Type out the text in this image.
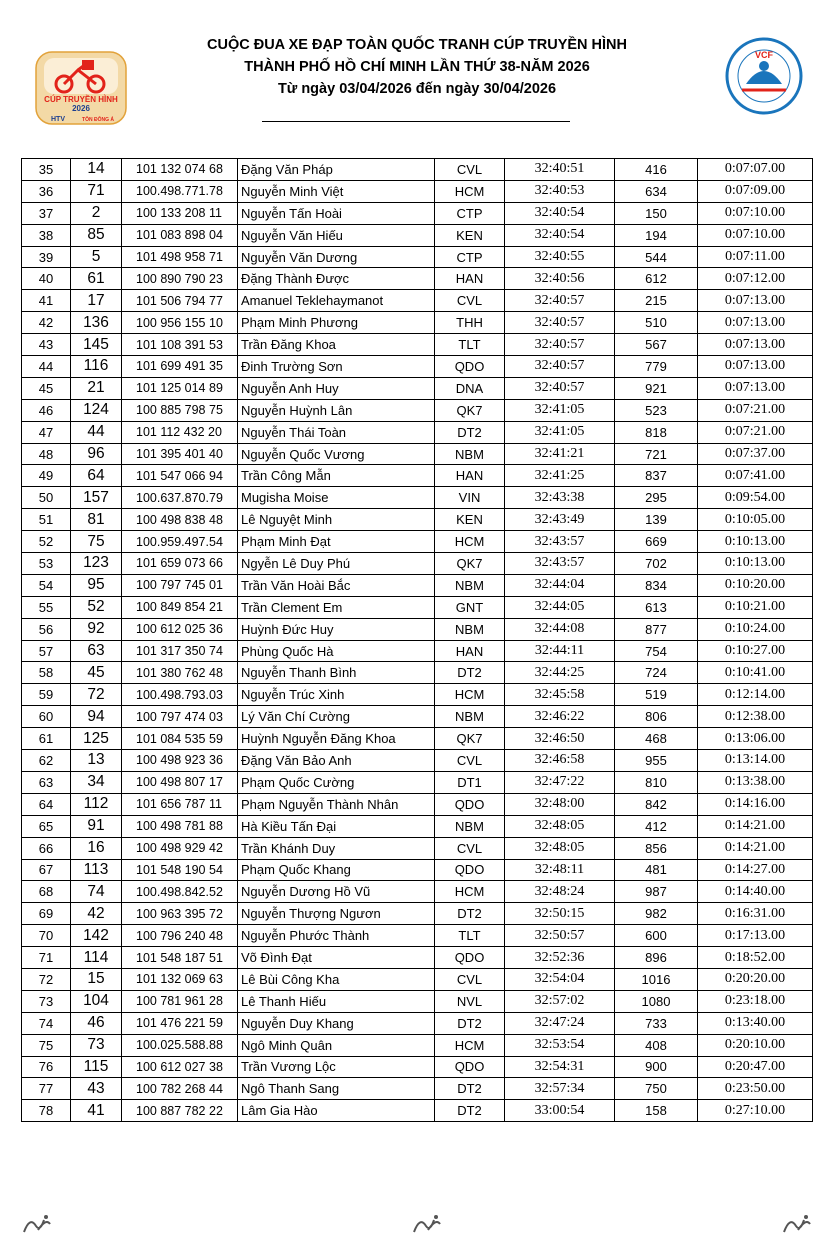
CÚP TRUYỀN HÌNH
2026
HTV	TÔN ĐÔNG Á
CUỘC ĐUA XE ĐẠP TOÀN QUỐC TRANH CÚP TRUYỀN HÌNH
THÀNH PHỐ HỒ CHÍ MINH LẦN THỨ 38-NĂM 2026
Từ ngày 03/04/2026 đến ngày 30/04/2026
VCF
35	14	101 132 074 68	Đặng Văn Pháp	CVL	32:40:51	416	0:07:07.00
36	71	100.498.771.78	Nguyễn Minh Việt	HCM	32:40:53	634	0:07:09.00
37	2	100 133 208 11	Nguyễn Tấn Hoài	CTP	32:40:54	150	0:07:10.00
38	85	101 083 898 04	Nguyễn Văn Hiếu	KEN	32:40:54	194	0:07:10.00
39	5	101 498 958 71	Nguyễn Văn Dương	CTP	32:40:55	544	0:07:11.00
40	61	100 890 790 23	Đặng Thành Được	HAN	32:40:56	612	0:07:12.00
41	17	101 506 794 77	Amanuel Teklehaymanot	CVL	32:40:57	215	0:07:13.00
42	136	100 956 155 10	Phạm Minh Phương	THH	32:40:57	510	0:07:13.00
43	145	101 108 391 53	Trần Đăng Khoa	TLT	32:40:57	567	0:07:13.00
44	116	101 699 491 35	Đinh Trường Sơn	QDO	32:40:57	779	0:07:13.00
45	21	101 125 014 89	Nguyễn Anh Huy	DNA	32:40:57	921	0:07:13.00
46	124	100 885 798 75	Nguyễn Huỳnh Lân	QK7	32:41:05	523	0:07:21.00
47	44	101 112 432 20	Nguyễn Thái Toàn	DT2	32:41:05	818	0:07:21.00
48	96	101 395 401 40	Nguyễn Quốc Vương	NBM	32:41:21	721	0:07:37.00
49	64	101 547 066 94	Trần Công Mẫn	HAN	32:41:25	837	0:07:41.00
50	157	100.637.870.79	Mugisha Moise	VIN	32:43:38	295	0:09:54.00
51	81	100 498 838 48	Lê Nguyệt Minh	KEN	32:43:49	139	0:10:05.00
52	75	100.959.497.54	Phạm Minh Đạt	HCM	32:43:57	669	0:10:13.00
53	123	101 659 073 66	Ngyễn Lê Duy Phú	QK7	32:43:57	702	0:10:13.00
54	95	100 797 745 01	Trần Văn Hoài Bắc	NBM	32:44:04	834	0:10:20.00
55	52	100 849 854 21	Trần Clement Em	GNT	32:44:05	613	0:10:21.00
56	92	100 612 025 36	Huỳnh Đức Huy	NBM	32:44:08	877	0:10:24.00
57	63	101 317 350 74	Phùng Quốc Hà	HAN	32:44:11	754	0:10:27.00
58	45	101 380 762 48	Nguyễn Thanh Bình	DT2	32:44:25	724	0:10:41.00
59	72	100.498.793.03	Nguyễn Trúc Xinh	HCM	32:45:58	519	0:12:14.00
60	94	100 797 474 03	Lý Văn Chí Cường	NBM	32:46:22	806	0:12:38.00
61	125	101 084 535 59	Huỳnh Nguyễn Đăng Khoa	QK7	32:46:50	468	0:13:06.00
62	13	100 498 923 36	Đặng Văn Bảo Anh	CVL	32:46:58	955	0:13:14.00
63	34	100 498 807 17	Phạm Quốc Cường	DT1	32:47:22	810	0:13:38.00
64	112	101 656 787 11	Phạm Nguyễn Thành Nhân	QDO	32:48:00	842	0:14:16.00
65	91	100 498 781 88	Hà Kiều Tấn Đại	NBM	32:48:05	412	0:14:21.00
66	16	100 498 929 42	Trần Khánh Duy	CVL	32:48:05	856	0:14:21.00
67	113	101 548 190 54	Phạm Quốc Khang	QDO	32:48:11	481	0:14:27.00
68	74	100.498.842.52	Nguyễn Dương Hồ Vũ	HCM	32:48:24	987	0:14:40.00
69	42	100 963 395 72	Nguyễn Thượng Ngươn	DT2	32:50:15	982	0:16:31.00
70	142	100 796 240 48	Nguyễn Phước Thành	TLT	32:50:57	600	0:17:13.00
71	114	101 548 187 51	Võ Đình Đạt	QDO	32:52:36	896	0:18:52.00
72	15	101 132 069 63	Lê Bùi Công Kha	CVL	32:54:04	1016	0:20:20.00
73	104	100 781 961 28	Lê Thanh Hiếu	NVL	32:57:02	1080	0:23:18.00
74	46	101 476 221 59	Nguyễn Duy Khang	DT2	32:47:24	733	0:13:40.00
75	73	100.025.588.88	Ngô Minh Quân	HCM	32:53:54	408	0:20:10.00
76	115	100 612 027 38	Trần Vương Lộc	QDO	32:54:31	900	0:20:47.00
77	43	100 782 268 44	Ngô Thanh Sang	DT2	32:57:34	750	0:23:50.00
78	41	100 887 782 22	Lâm Gia Hào	DT2	33:00:54	158	0:27:10.00
